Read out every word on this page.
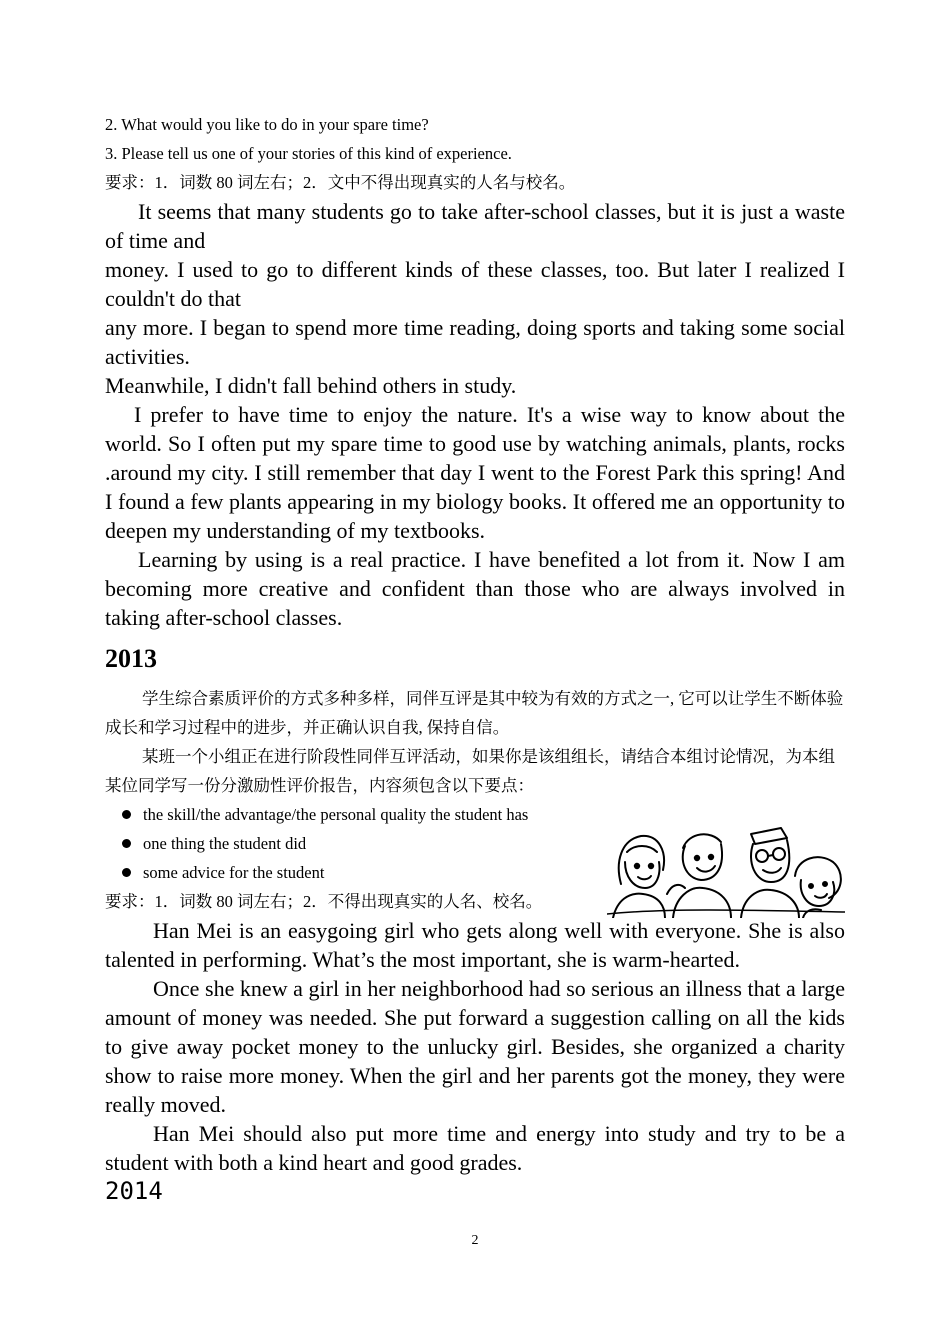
2. What would you like to do in your spare time?

3. Please tell us one of your stories of this kind of experience.

要求：1．词数 80 词左右；2．文中不得出现真实的人名与校名。

It seems that many students go to take after-school classes, but it is just a waste of time and

money. I used to go to different kinds of these classes, too. But later I realized I couldn't do that

any more. I began to spend more time reading, doing sports and taking some social activities.

Meanwhile, I didn't fall behind others in study.

I prefer to have time to enjoy the nature. It's a wise way to know about the world. So I often put my spare time to good use by watching animals, plants, rocks .around my city. I still remember that day I went to the Forest Park this spring! And I found a few plants appearing in my biology books. It offered me an opportunity to deepen my understanding of my textbooks.

Learning by using is a real practice. I have benefited a lot from it. Now I am becoming more creative and confident than those who are always involved in taking after-school classes.

2013

学生综合素质评价的方式多种多样，同伴互评是其中较为有效的方式之一, 它可以让学生不断体验成长和学习过程中的进步，并正确认识自我, 保持自信。

某班一个小组正在进行阶段性同伴互评活动，如果你是该组组长，请结合本组讨论情况，为本组某位同学写一份分激励性评价报告，内容须包含以下要点：

the skill/the advantage/the personal quality the student has
one thing the student did
some advice for the student

要求：1．词数 80 词左右；2．不得出现真实的人名、校名。

Han Mei is an easygoing girl who gets along well with everyone. She is also talented in performing. What’s the most important, she is warm-hearted.

Once she knew a girl in her neighborhood had so serious an illness that a large amount of money was needed. She put forward a suggestion calling on all the kids to give away pocket money to the unlucky girl. Besides, she organized a charity show to raise more money. When the girl and her parents got the money, they were really moved.

Han Mei should also put more time and energy into study and try to be a student with both a kind heart and good grades.

2014

2
